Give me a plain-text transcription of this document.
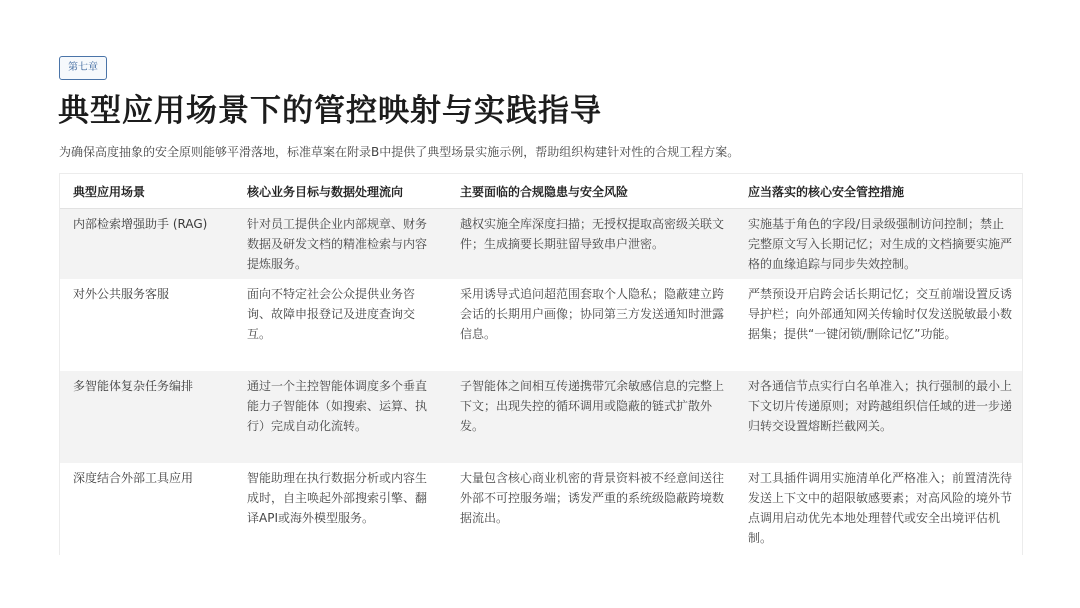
第七章
典型应用场景下的管控映射与实践指导

为确保高度抽象的安全原则能够平滑落地，标准草案在附录B中提供了典型场景实施示例，帮助组织构建针对性的合规工程方案。

典型应用场景	核心业务目标与数据处理流向	主要面临的合规隐患与安全风险	应当落实的核心安全管控措施
内部检索增强助手 (RAG)	针对员工提供企业内部规章、财务数据及研发文档的精准检索与内容提炼服务。	越权实施全库深度扫描；无授权提取高密级关联文件；生成摘要长期驻留导致串户泄密。	实施基于角色的字段/目录级强制访问控制；禁止完整原文写入长期记忆；对生成的文档摘要实施严格的血缘追踪与同步失效控制。
对外公共服务客服	面向不特定社会公众提供业务咨询、故障申报登记及进度查询交互。	采用诱导式追问超范围套取个人隐私；隐蔽建立跨会话的长期用户画像；协同第三方发送通知时泄露信息。	严禁预设开启跨会话长期记忆；交互前端设置反诱导护栏；向外部通知网关传输时仅发送脱敏最小数据集；提供“一键闭锁/删除记忆”功能。
多智能体复杂任务编排	通过一个主控智能体调度多个垂直能力子智能体（如搜索、运算、执行）完成自动化流转。	子智能体之间相互传递携带冗余敏感信息的完整上下文；出现失控的循环调用或隐蔽的链式扩散外发。	对各通信节点实行白名单准入；执行强制的最小上下文切片传递原则；对跨越组织信任域的进一步递归转交设置熔断拦截网关。
深度结合外部工具应用	智能助理在执行数据分析或内容生成时，自主唤起外部搜索引擎、翻译API或海外模型服务。	大量包含核心商业机密的背景资料被不经意间送往外部不可控服务端；诱发严重的系统级隐蔽跨境数据流出。	对工具插件调用实施清单化严格准入；前置清洗待发送上下文中的超限敏感要素；对高风险的境外节点调用启动优先本地处理替代或安全出境评估机制。
